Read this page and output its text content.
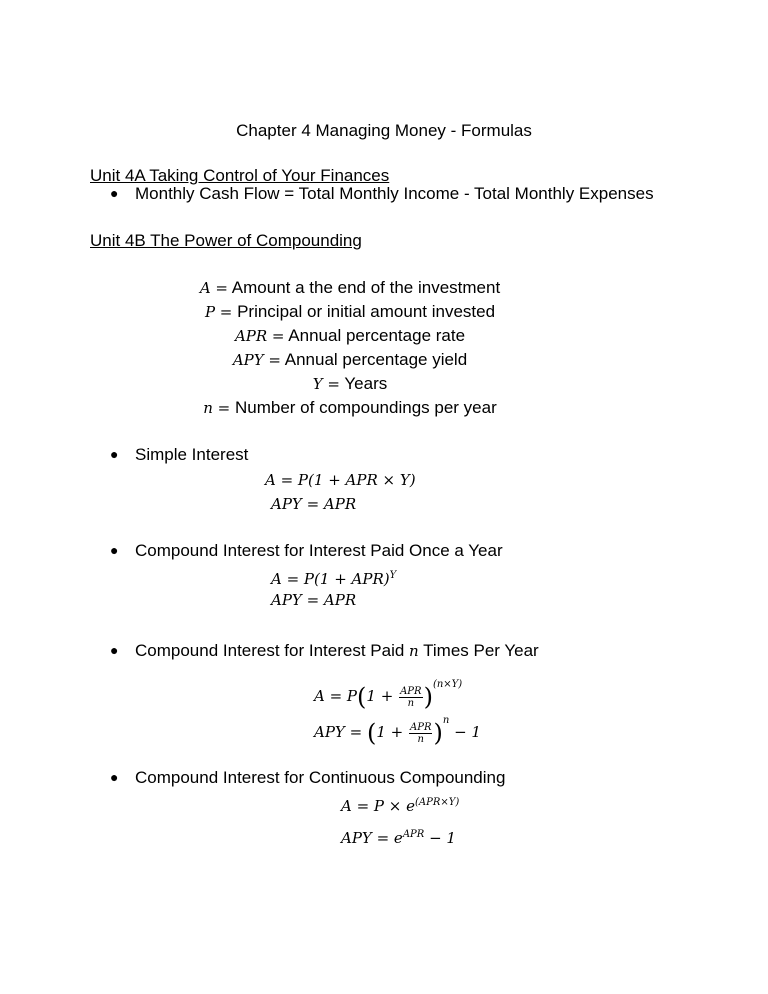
Chapter 4 Managing Money - Formulas
Unit 4A Taking Control of Your Finances
● Monthly Cash Flow = Total Monthly Income - Total Monthly Expenses
Unit 4B The Power of Compounding
A = Amount a the end of the investment
P = Principal or initial amount invested
APR = Annual percentage rate
APY = Annual percentage yield
Y = Years
n = Number of compoundings per year
● Simple Interest
A = P(1 + APR × Y)
APY = APR
● Compound Interest for Interest Paid Once a Year
A = P(1 + APR)$^Y$
APY = APR
● Compound Interest for Interest Paid n Times Per Year
$A = P(1 + \frac{\text{APR}}{n} )^{(n\times Y)}$
APY = $(1 + \frac{\text{APR}}{n} )^n - 1$
● Compound Interest for Continuous Compounding
$A = P \times e^{(APR\times Y)}$
APY = $e^{APR} - 1$
